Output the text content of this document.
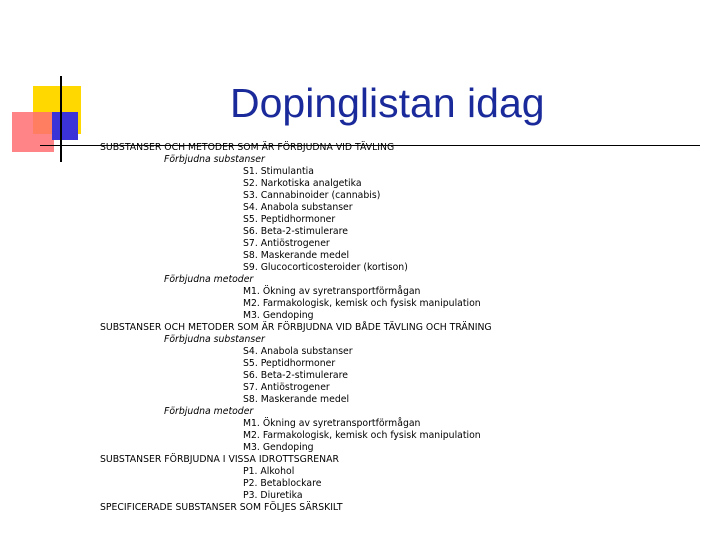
Dopinglistan idag
SUBSTANSER OCH METODER SOM ÄR FÖRBJUDNA VID TÄVLING
Förbjudna substanser
S1. Stimulantia
S2. Narkotiska analgetika
S3. Cannabinoider (cannabis)
S4. Anabola substanser
S5. Peptidhormoner
S6. Beta-2-stimulerare
S7. Antiöstrogener
S8. Maskerande medel
S9. Glucocorticosteroider (kortison)
Förbjudna metoder
M1. Ökning av syretransportförmågan
M2. Farmakologisk, kemisk och fysisk manipulation
M3. Gendoping
SUBSTANSER OCH METODER SOM ÄR FÖRBJUDNA VID BÅDE TÄVLING OCH TRÄNING
Förbjudna substanser
S4. Anabola substanser
S5. Peptidhormoner
S6. Beta-2-stimulerare
S7. Antiöstrogener
S8. Maskerande medel
Förbjudna metoder
M1. Ökning av syretransportförmågan
M2. Farmakologisk, kemisk och fysisk manipulation
M3. Gendoping
SUBSTANSER FÖRBJUDNA I VISSA IDROTTSGRENAR
P1. Alkohol
P2. Betablockare
P3. Diuretika
SPECIFICERADE SUBSTANSER SOM FÖLJES SÄRSKILT
